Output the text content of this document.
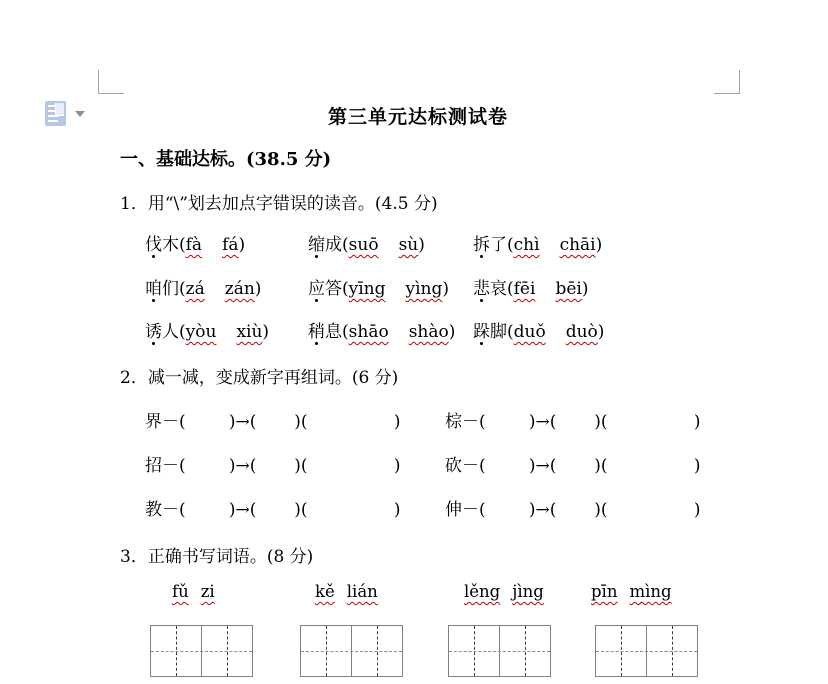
第三单元达标测试卷
一、基础达标。(38.5 分)
1．用“\”划去加点字错误的读音。(4.5 分)
伐木(fà fá)	缩成(suō sù)	拆了(chì chāi)
咱们(zá zán)	应答(yīng yìng) 悲哀(fēi bēi)
诱人(yòu xiù) 稍息(shāo shào) 跺脚(duǒ duò)
2．减一减，变成新字再组词。(6 分)
界－(        )→(       )(                )	棕－(        )→(       )(                )
招－(        )→(       )(                )	砍－(        )→(       )(                )
教－(        )→(       )(                )	伸－(        )→(       )(                )
3．正确书写词语。(8 分)
fǔ zi	kě lián	lěng jìng	pīn mìng
